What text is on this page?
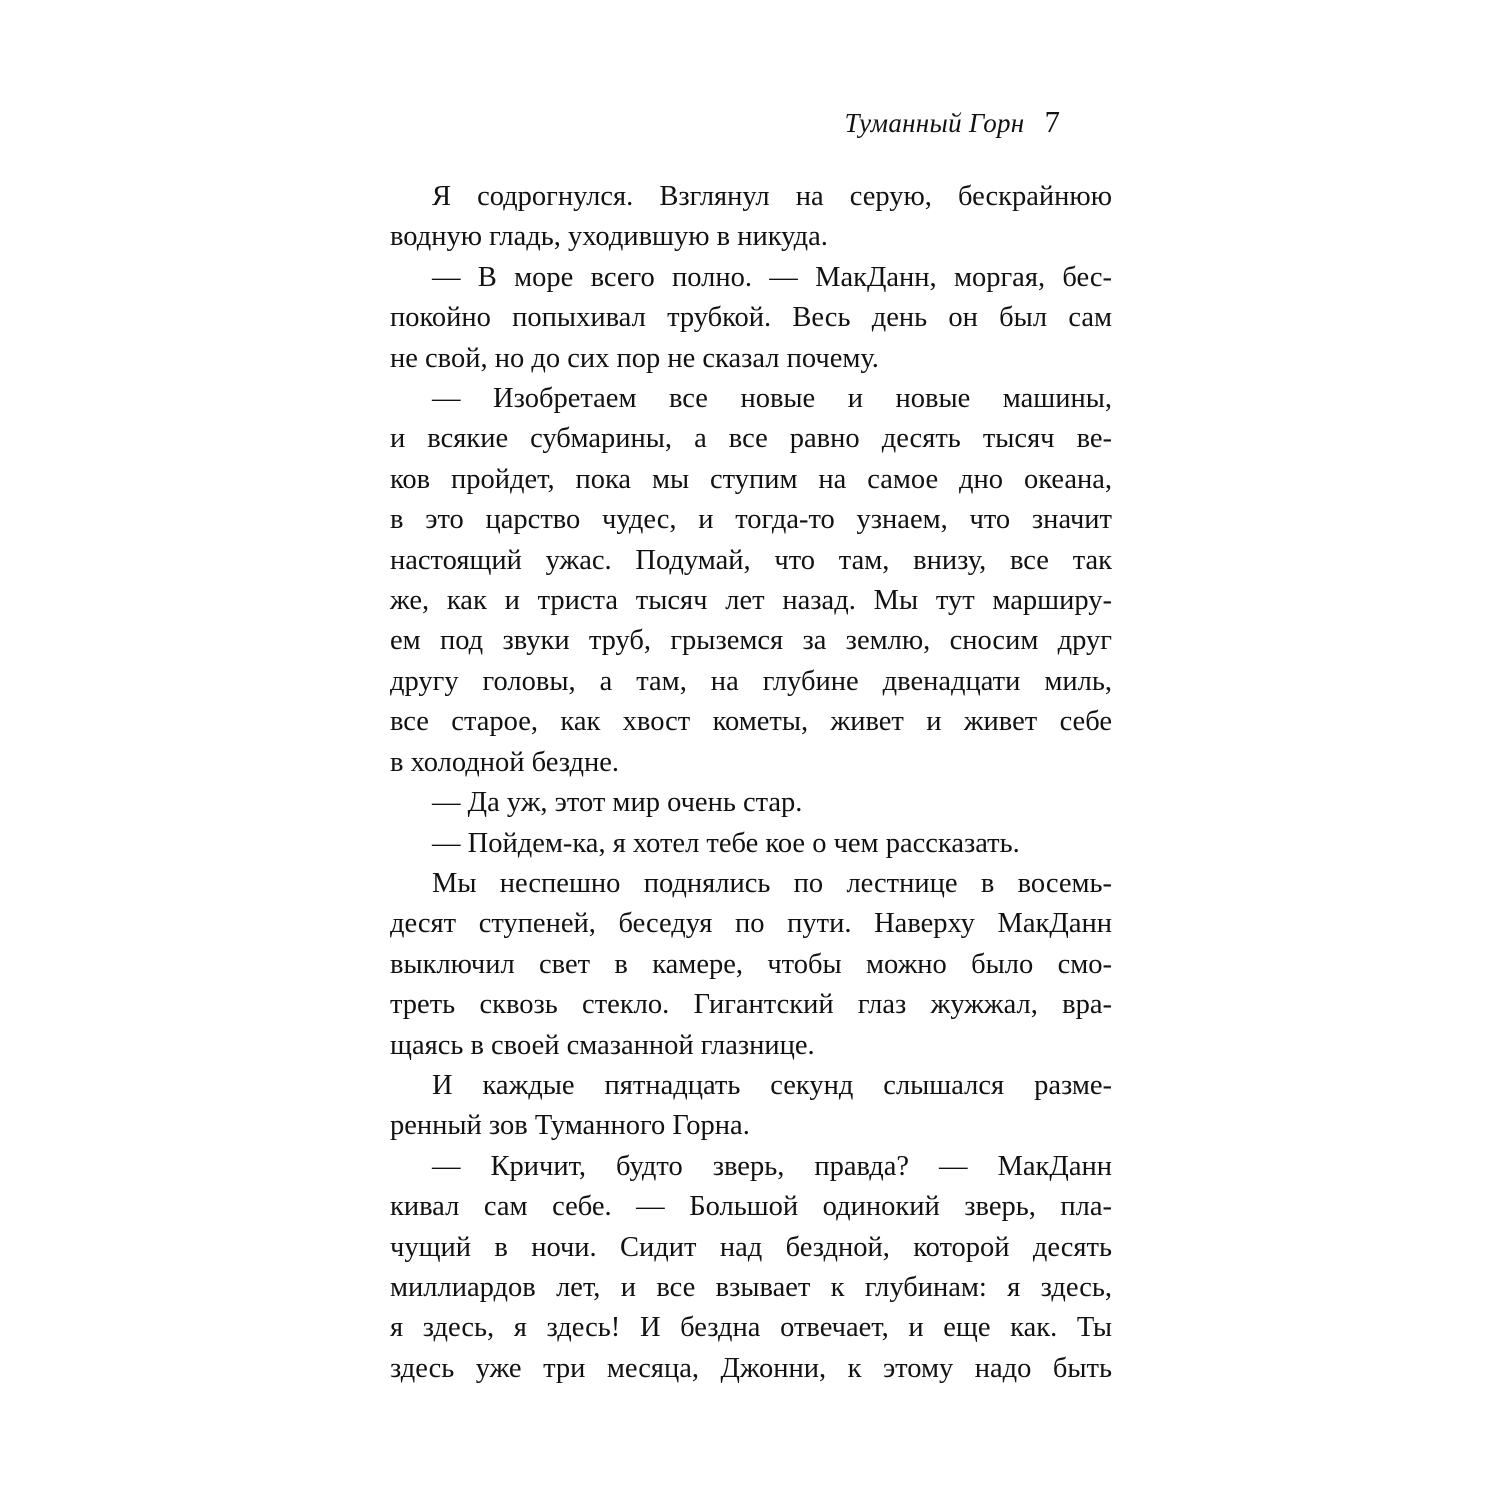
Туманный Горн 7
Я содрогнулся. Взглянул на серую, бескрайнюю
водную гладь, уходившую в никуда.
— В море всего полно. — МакДанн, моргая, бес-
покойно попыхивал трубкой. Весь день он был сам
не свой, но до сих пор не сказал почему.
— Изобретаем все новые и новые машины,
и всякие субмарины, а все равно десять тысяч ве-
ков пройдет, пока мы ступим на самое дно океана,
в это царство чудес, и тогда-то узнаем, что значит
настоящий ужас. Подумай, что там, внизу, все так
же, как и триста тысяч лет назад. Мы тут марширу-
ем под звуки труб, грыземся за землю, сносим друг
другу головы, а там, на глубине двенадцати миль,
все старое, как хвост кометы, живет и живет себе
в холодной бездне.
— Да уж, этот мир очень стар.
— Пойдем-ка, я хотел тебе кое о чем рассказать.
Мы неспешно поднялись по лестнице в восемь-
десят ступеней, беседуя по пути. Наверху МакДанн
выключил свет в камере, чтобы можно было смо-
треть сквозь стекло. Гигантский глаз жужжал, вра-
щаясь в своей смазанной глазнице.
И каждые пятнадцать секунд слышался разме-
ренный зов Туманного Горна.
— Кричит, будто зверь, правда? — МакДанн
кивал сам себе. — Большой одинокий зверь, пла-
чущий в ночи. Сидит над бездной, которой десять
миллиардов лет, и все взывает к глубинам: я здесь,
я здесь, я здесь! И бездна отвечает, и еще как. Ты
здесь уже три месяца, Джонни, к этому надо быть
